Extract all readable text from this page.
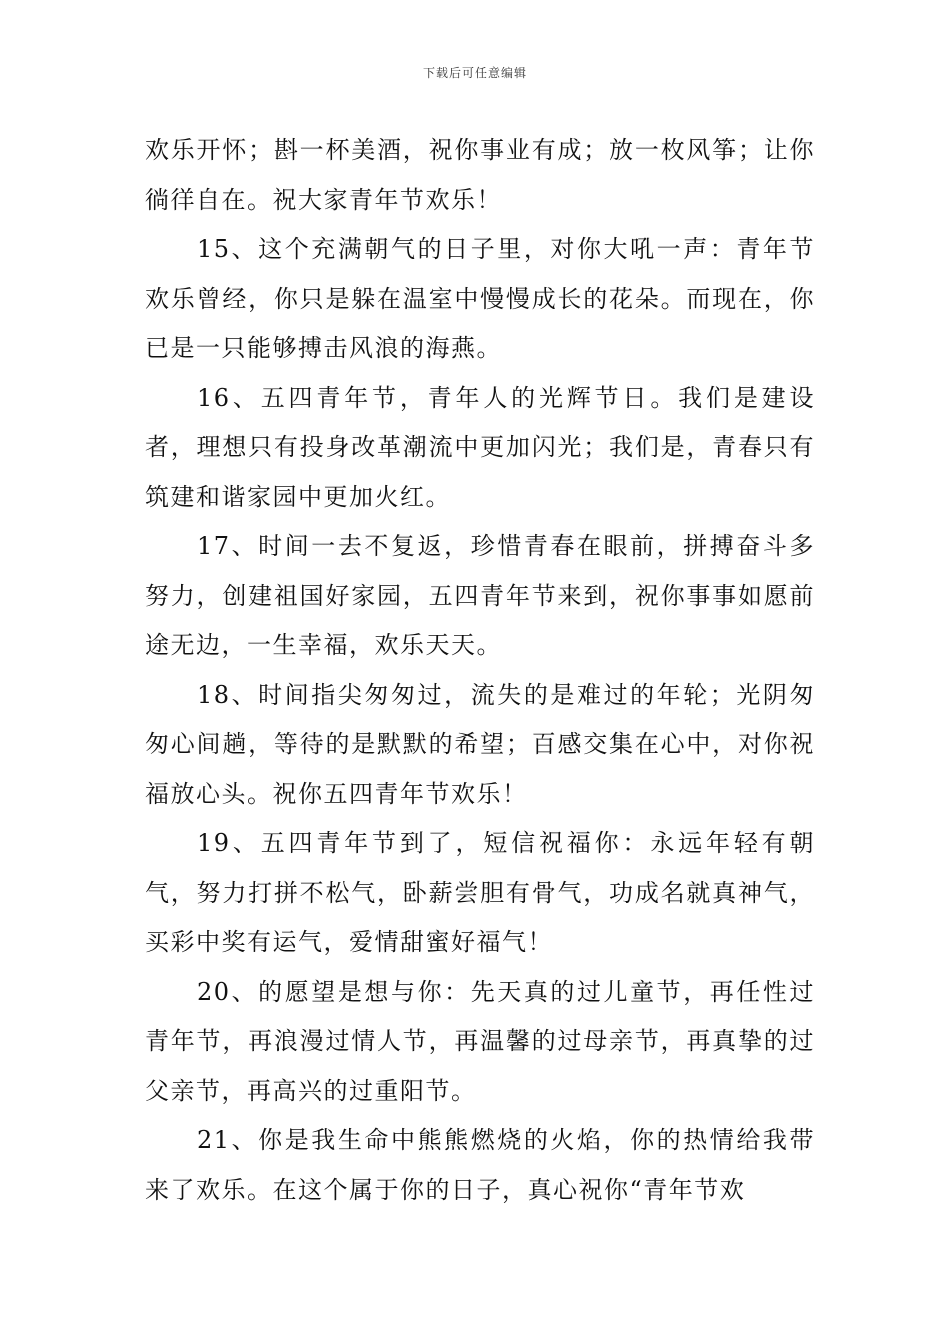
下载后可任意编辑

欢乐开怀；斟一杯美酒，祝你事业有成；放一枚风筝；让你徜徉自在。祝大家青年节欢乐！

15、这个充满朝气的日子里，对你大吼一声：青年节欢乐曾经，你只是躲在温室中慢慢成长的花朵。而现在，你已是一只能够搏击风浪的海燕。

16、五四青年节，青年人的光辉节日。我们是建设者，理想只有投身改革潮流中更加闪光；我们是，青春只有筑建和谐家园中更加火红。

17、时间一去不复返，珍惜青春在眼前，拼搏奋斗多努力，创建祖国好家园，五四青年节来到，祝你事事如愿前途无边，一生幸福，欢乐天天。

18、时间指尖匆匆过，流失的是难过的年轮；光阴匆匆心间趟，等待的是默默的希望；百感交集在心中，对你祝福放心头。祝你五四青年节欢乐！

19、五四青年节到了，短信祝福你：永远年轻有朝气，努力打拼不松气，卧薪尝胆有骨气，功成名就真神气，买彩中奖有运气，爱情甜蜜好福气！

20、的愿望是想与你：先天真的过儿童节，再任性过青年节，再浪漫过情人节，再温馨的过母亲节，再真挚的过父亲节，再高兴的过重阳节。

21、你是我生命中熊熊燃烧的火焰，你的热情给我带来了欢乐。在这个属于你的日子，真心祝你“青年节欢
